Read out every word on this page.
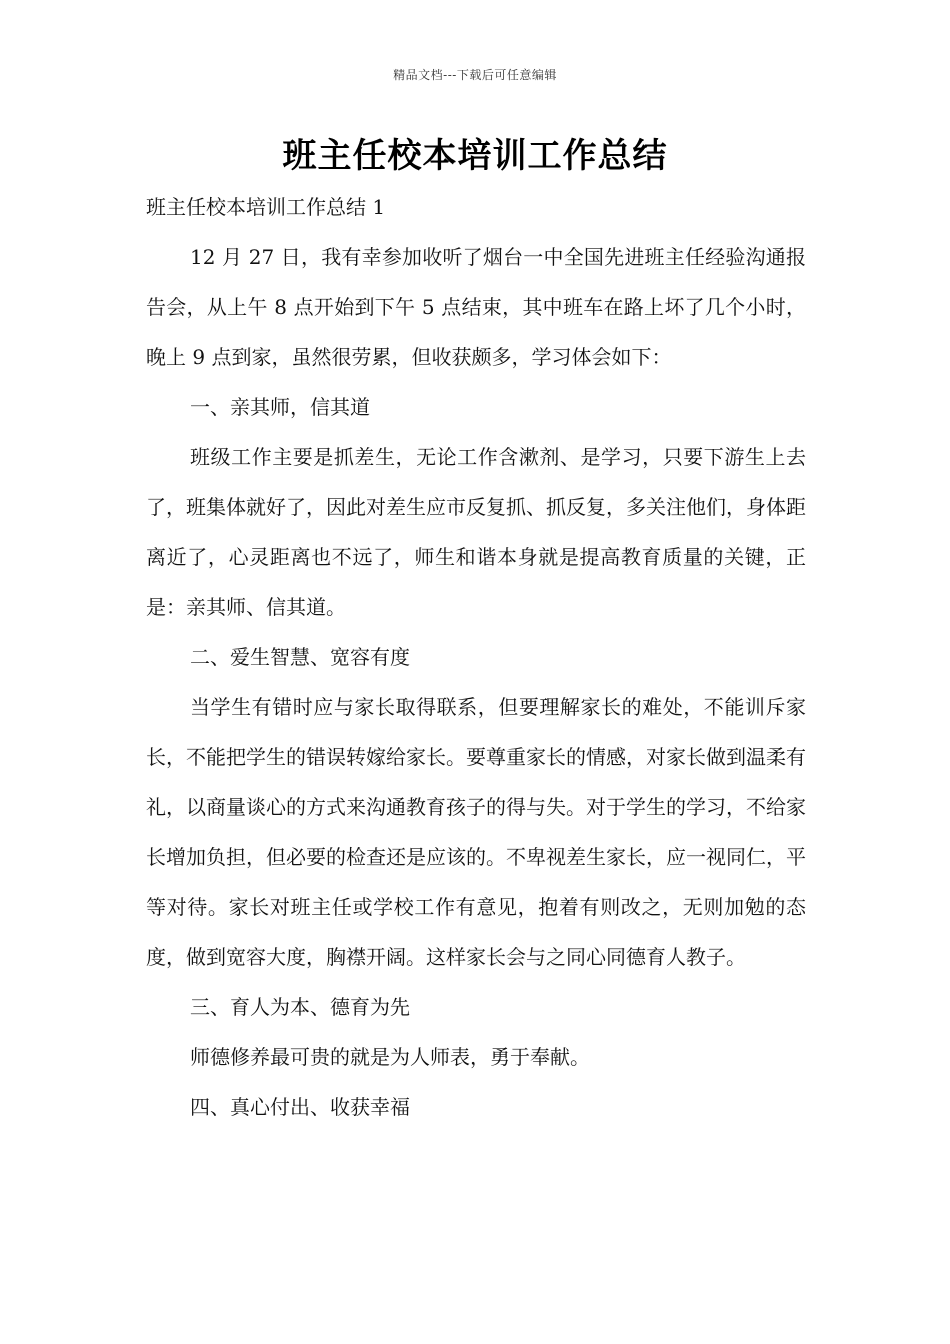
精品文档---下载后可任意编辑
班主任校本培训工作总结

班主任校本培训工作总结 1

12 月 27 日，我有幸参加收听了烟台一中全国先进班主任经验沟通报告会，从上午 8 点开始到下午 5 点结束，其中班车在路上坏了几个小时，晚上 9 点到家，虽然很劳累，但收获颇多，学习体会如下：

一、亲其师，信其道

班级工作主要是抓差生，无论工作含漱剂、是学习，只要下游生上去了，班集体就好了，因此对差生应市反复抓、抓反复，多关注他们，身体距离近了，心灵距离也不远了，师生和谐本身就是提高教育质量的关键，正是：亲其师、信其道。

二、爱生智慧、宽容有度

当学生有错时应与家长取得联系，但要理解家长的难处，不能训斥家长，不能把学生的错误转嫁给家长。要尊重家长的情感，对家长做到温柔有礼，以商量谈心的方式来沟通教育孩子的得与失。对于学生的学习，不给家长增加负担，但必要的检查还是应该的。不卑视差生家长，应一视同仁，平等对待。家长对班主任或学校工作有意见，抱着有则改之，无则加勉的态度，做到宽容大度，胸襟开阔。这样家长会与之同心同德育人教子。

三、育人为本、德育为先

师德修养最可贵的就是为人师表，勇于奉献。

四、真心付出、收获幸福
